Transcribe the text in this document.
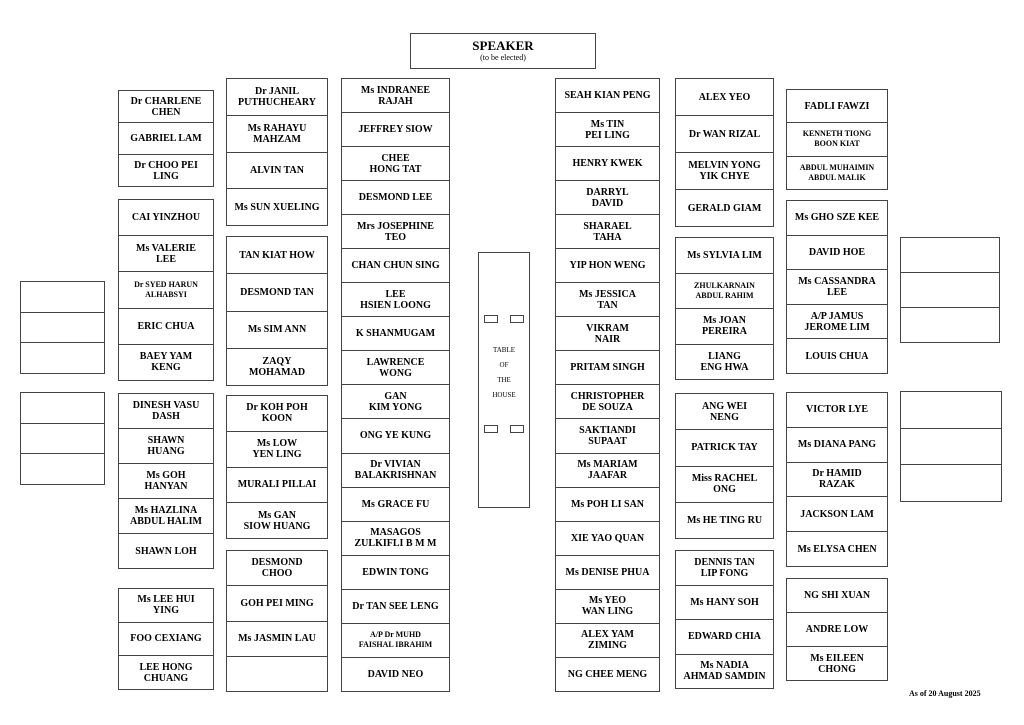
SPEAKER
(to be elected)
TABLE
OF
THE
HOUSE
Dr CHARLENE
CHEN
GABRIEL LAM
Dr CHOO PEI
LING
CAI YINZHOU
Ms VALERIE
LEE
Dr SYED HARUN
ALHABSYI
ERIC CHUA
BAEY YAM
KENG
DINESH VASU
DASH
SHAWN
HUANG
Ms GOH
HANYAN
Ms HAZLINA
ABDUL HALIM
SHAWN LOH
Ms LEE HUI
YING
FOO CEXIANG
LEE HONG
CHUANG
Dr JANIL
PUTHUCHEARY
Ms RAHAYU
MAHZAM
ALVIN TAN
Ms SUN XUELING
TAN KIAT HOW
DESMOND TAN
Ms SIM ANN
ZAQY
MOHAMAD
Dr KOH POH
KOON
Ms LOW
YEN LING
MURALI PILLAI
Ms GAN
SIOW HUANG
DESMOND
CHOO
GOH PEI MING
Ms JASMIN LAU
Ms INDRANEE
RAJAH
JEFFREY SIOW
CHEE
HONG TAT
DESMOND LEE
Mrs JOSEPHINE
TEO
CHAN CHUN SING
LEE
HSIEN LOONG
K SHANMUGAM
LAWRENCE
WONG
GAN
KIM YONG
ONG YE KUNG
Dr VIVIAN
BALAKRISHNAN
Ms GRACE FU
MASAGOS
ZULKIFLI B M M
EDWIN TONG
Dr TAN SEE LENG
A/P Dr MUHD
FAISHAL IBRAHIM
DAVID NEO
SEAH KIAN PENG
Ms TIN
PEI LING
HENRY KWEK
DARRYL
DAVID
SHARAEL
TAHA
YIP HON WENG
Ms JESSICA
TAN
VIKRAM
NAIR
PRITAM SINGH
CHRISTOPHER
DE SOUZA
SAKTIANDI
SUPAAT
Ms MARIAM
JAAFAR
Ms POH LI SAN
XIE YAO QUAN
Ms DENISE PHUA
Ms YEO
WAN LING
ALEX YAM
ZIMING
NG CHEE MENG
ALEX YEO
Dr WAN RIZAL
MELVIN YONG
YIK CHYE
GERALD GIAM
Ms SYLVIA LIM
ZHULKARNAIN
ABDUL RAHIM
Ms JOAN
PEREIRA
LIANG
ENG HWA
ANG WEI
NENG
PATRICK TAY
Miss RACHEL
ONG
Ms HE TING RU
DENNIS TAN
LIP FONG
Ms HANY SOH
EDWARD CHIA
Ms NADIA
AHMAD SAMDIN
FADLI FAWZI
KENNETH TIONG
BOON KIAT
ABDUL MUHAIMIN
ABDUL MALIK
Ms GHO SZE KEE
DAVID HOE
Ms CASSANDRA
LEE
A/P JAMUS
JEROME LIM
LOUIS CHUA
VICTOR LYE
Ms DIANA PANG
Dr HAMID
RAZAK
JACKSON LAM
Ms ELYSA CHEN
NG SHI XUAN
ANDRE LOW
Ms EILEEN
CHONG
As of 20 August 2025
